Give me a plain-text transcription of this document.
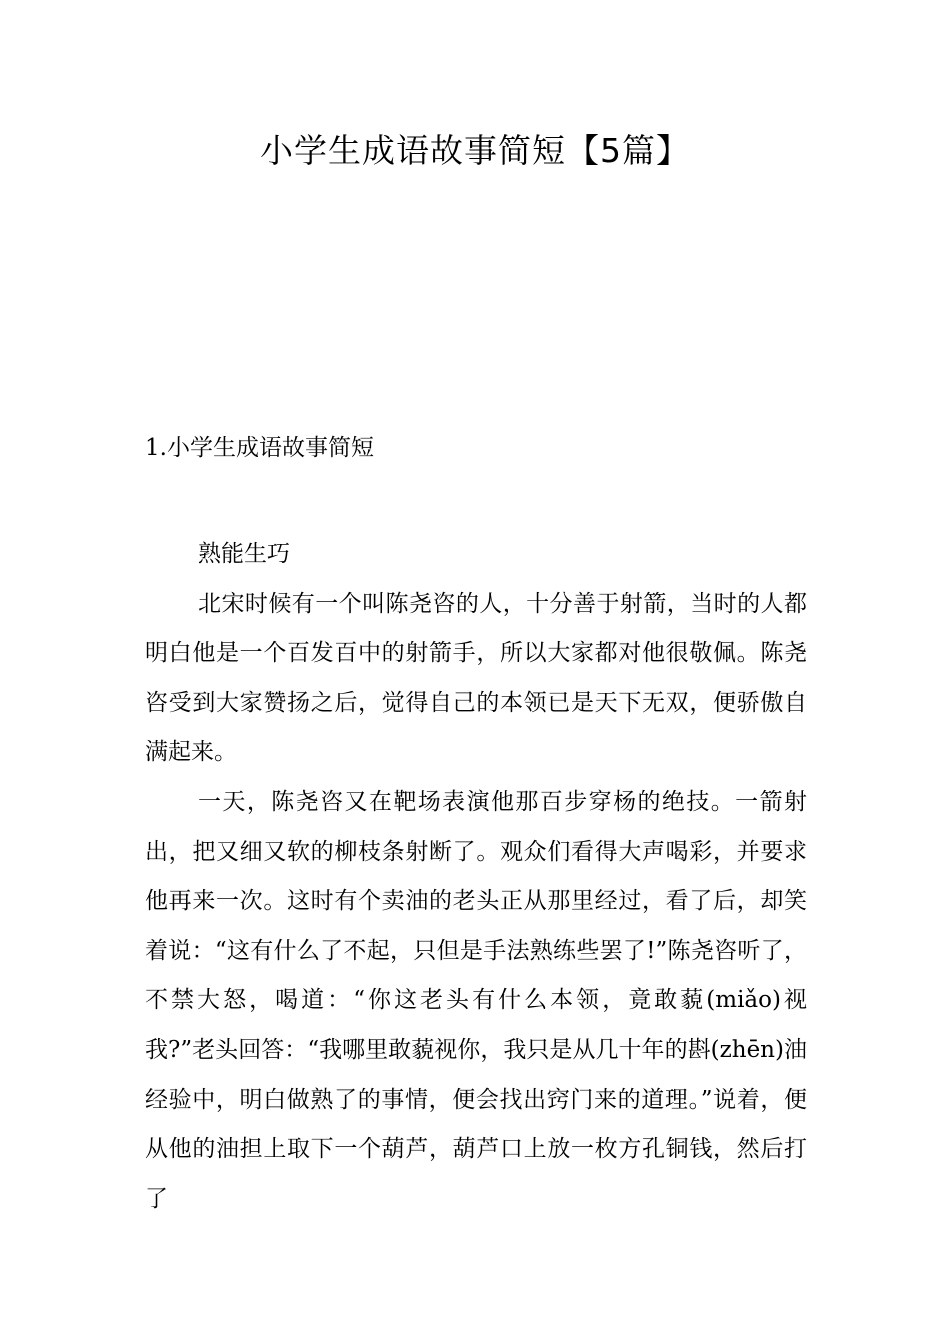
小学生成语故事简短【5篇】
1.小学生成语故事简短

熟能生巧

北宋时候有一个叫陈尧咨的人，十分善于射箭，当时的人都明白他是一个百发百中的射箭手，所以大家都对他很敬佩。陈尧咨受到大家赞扬之后，觉得自己的本领已是天下无双，便骄傲自满起来。

一天，陈尧咨又在靶场表演他那百步穿杨的绝技。一箭射出，把又细又软的柳枝条射断了。观众们看得大声喝彩，并要求他再来一次。这时有个卖油的老头正从那里经过，看了后，却笑着说：“这有什么了不起，只但是手法熟练些罢了!”陈尧咨听了，不禁大怒，喝道：“你这老头有什么本领，竟敢藐(miǎo)视我?”老头回答：“我哪里敢藐视你，我只是从几十年的斟(zhēn)油经验中，明白做熟了的事情，便会找出窍门来的道理。”说着，便从他的油担上取下一个葫芦，葫芦口上放一枚方孔铜钱，然后打了
